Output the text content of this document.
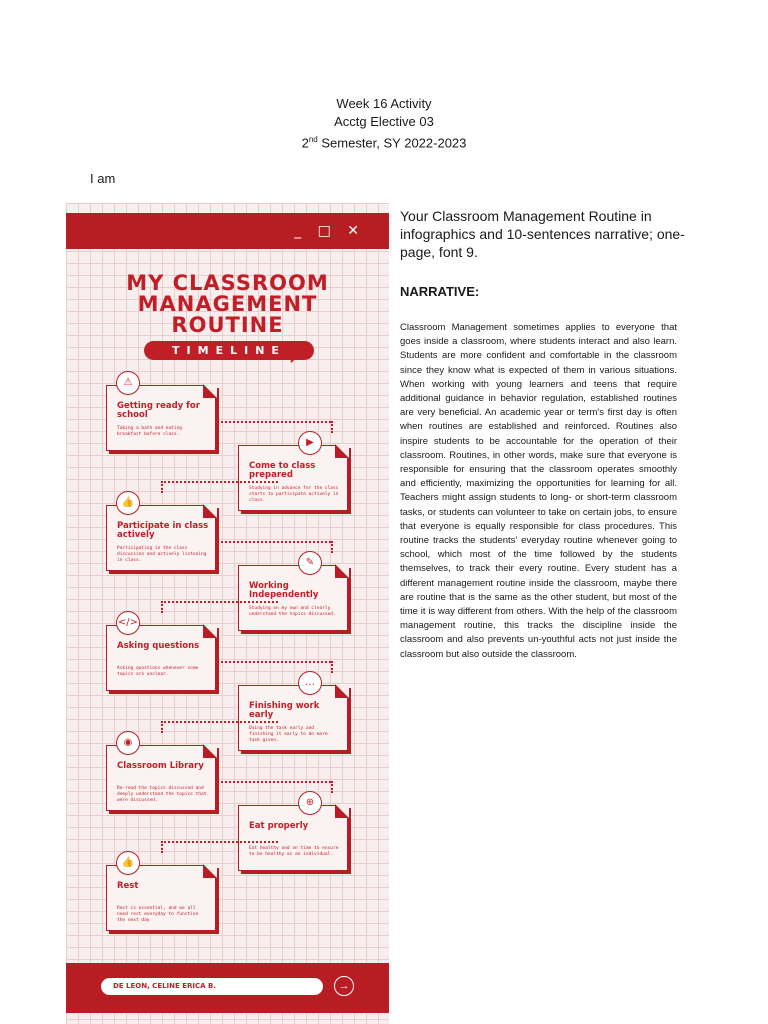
Week 16 Activity
Acctg Elective 03
2nd Semester, SY 2022-2023
I am
_ □ ✕
MY CLASSROOM
MANAGEMENT
ROUTINE
TIMELINE ➚
Getting ready for school
Taking a bath and eating breakfast before class.
⚠
Come to class prepared
Studying in advance for the class starts to participate actively in class.
▶
Participate in class actively
Participating in the class discussion and actively listening in class.
👍
Working Independently
Studying on my own and clearly understand the topics discussed.
✎
Asking questions
Asking questions whenever some topics are unclear.
</>
Finishing work early
Doing the task early and finishing it early to do more task given.
…
Classroom Library
Re-read the topics discussed and deeply understand the topics that were discussed.
◉
Eat properly
Eat healthy and on time to ensure to be healthy as an individual.
⊕
Rest
Rest is essential, and we all need rest everyday to function the next day
👍
DE LEON, CELINE ERICA B.	→
Your Classroom Management Routine in infographics and 10-sentences narrative; one-page, font 9.
NARRATIVE:
Classroom Management sometimes applies to everyone that goes inside a classroom, where students interact and also learn. Students are more confident and comfortable in the classroom since they know what is expected of them in various situations. When working with young learners and teens that require additional guidance in behavior regulation, established routines are very beneficial. An academic year or term's first day is often when routines are established and reinforced. Routines also inspire students to be accountable for the operation of their classroom. Routines, in other words, make sure that everyone is responsible for ensuring that the classroom operates smoothly and efficiently, maximizing the opportunities for learning for all. Teachers might assign students to long- or short-term classroom tasks, or students can volunteer to take on certain jobs, to ensure that everyone is equally responsible for class procedures. This routine tracks the students' everyday routine whenever going to school, which most of the time followed by the students themselves, to track their every routine. Every student has a different management routine inside the classroom, maybe there are routine that is the same as the other student, but most of the time it is way different from others. With the help of the classroom management routine, this tracks the discipline inside the classroom and also prevents un-youthful acts not just inside the classroom but also outside the classroom.
